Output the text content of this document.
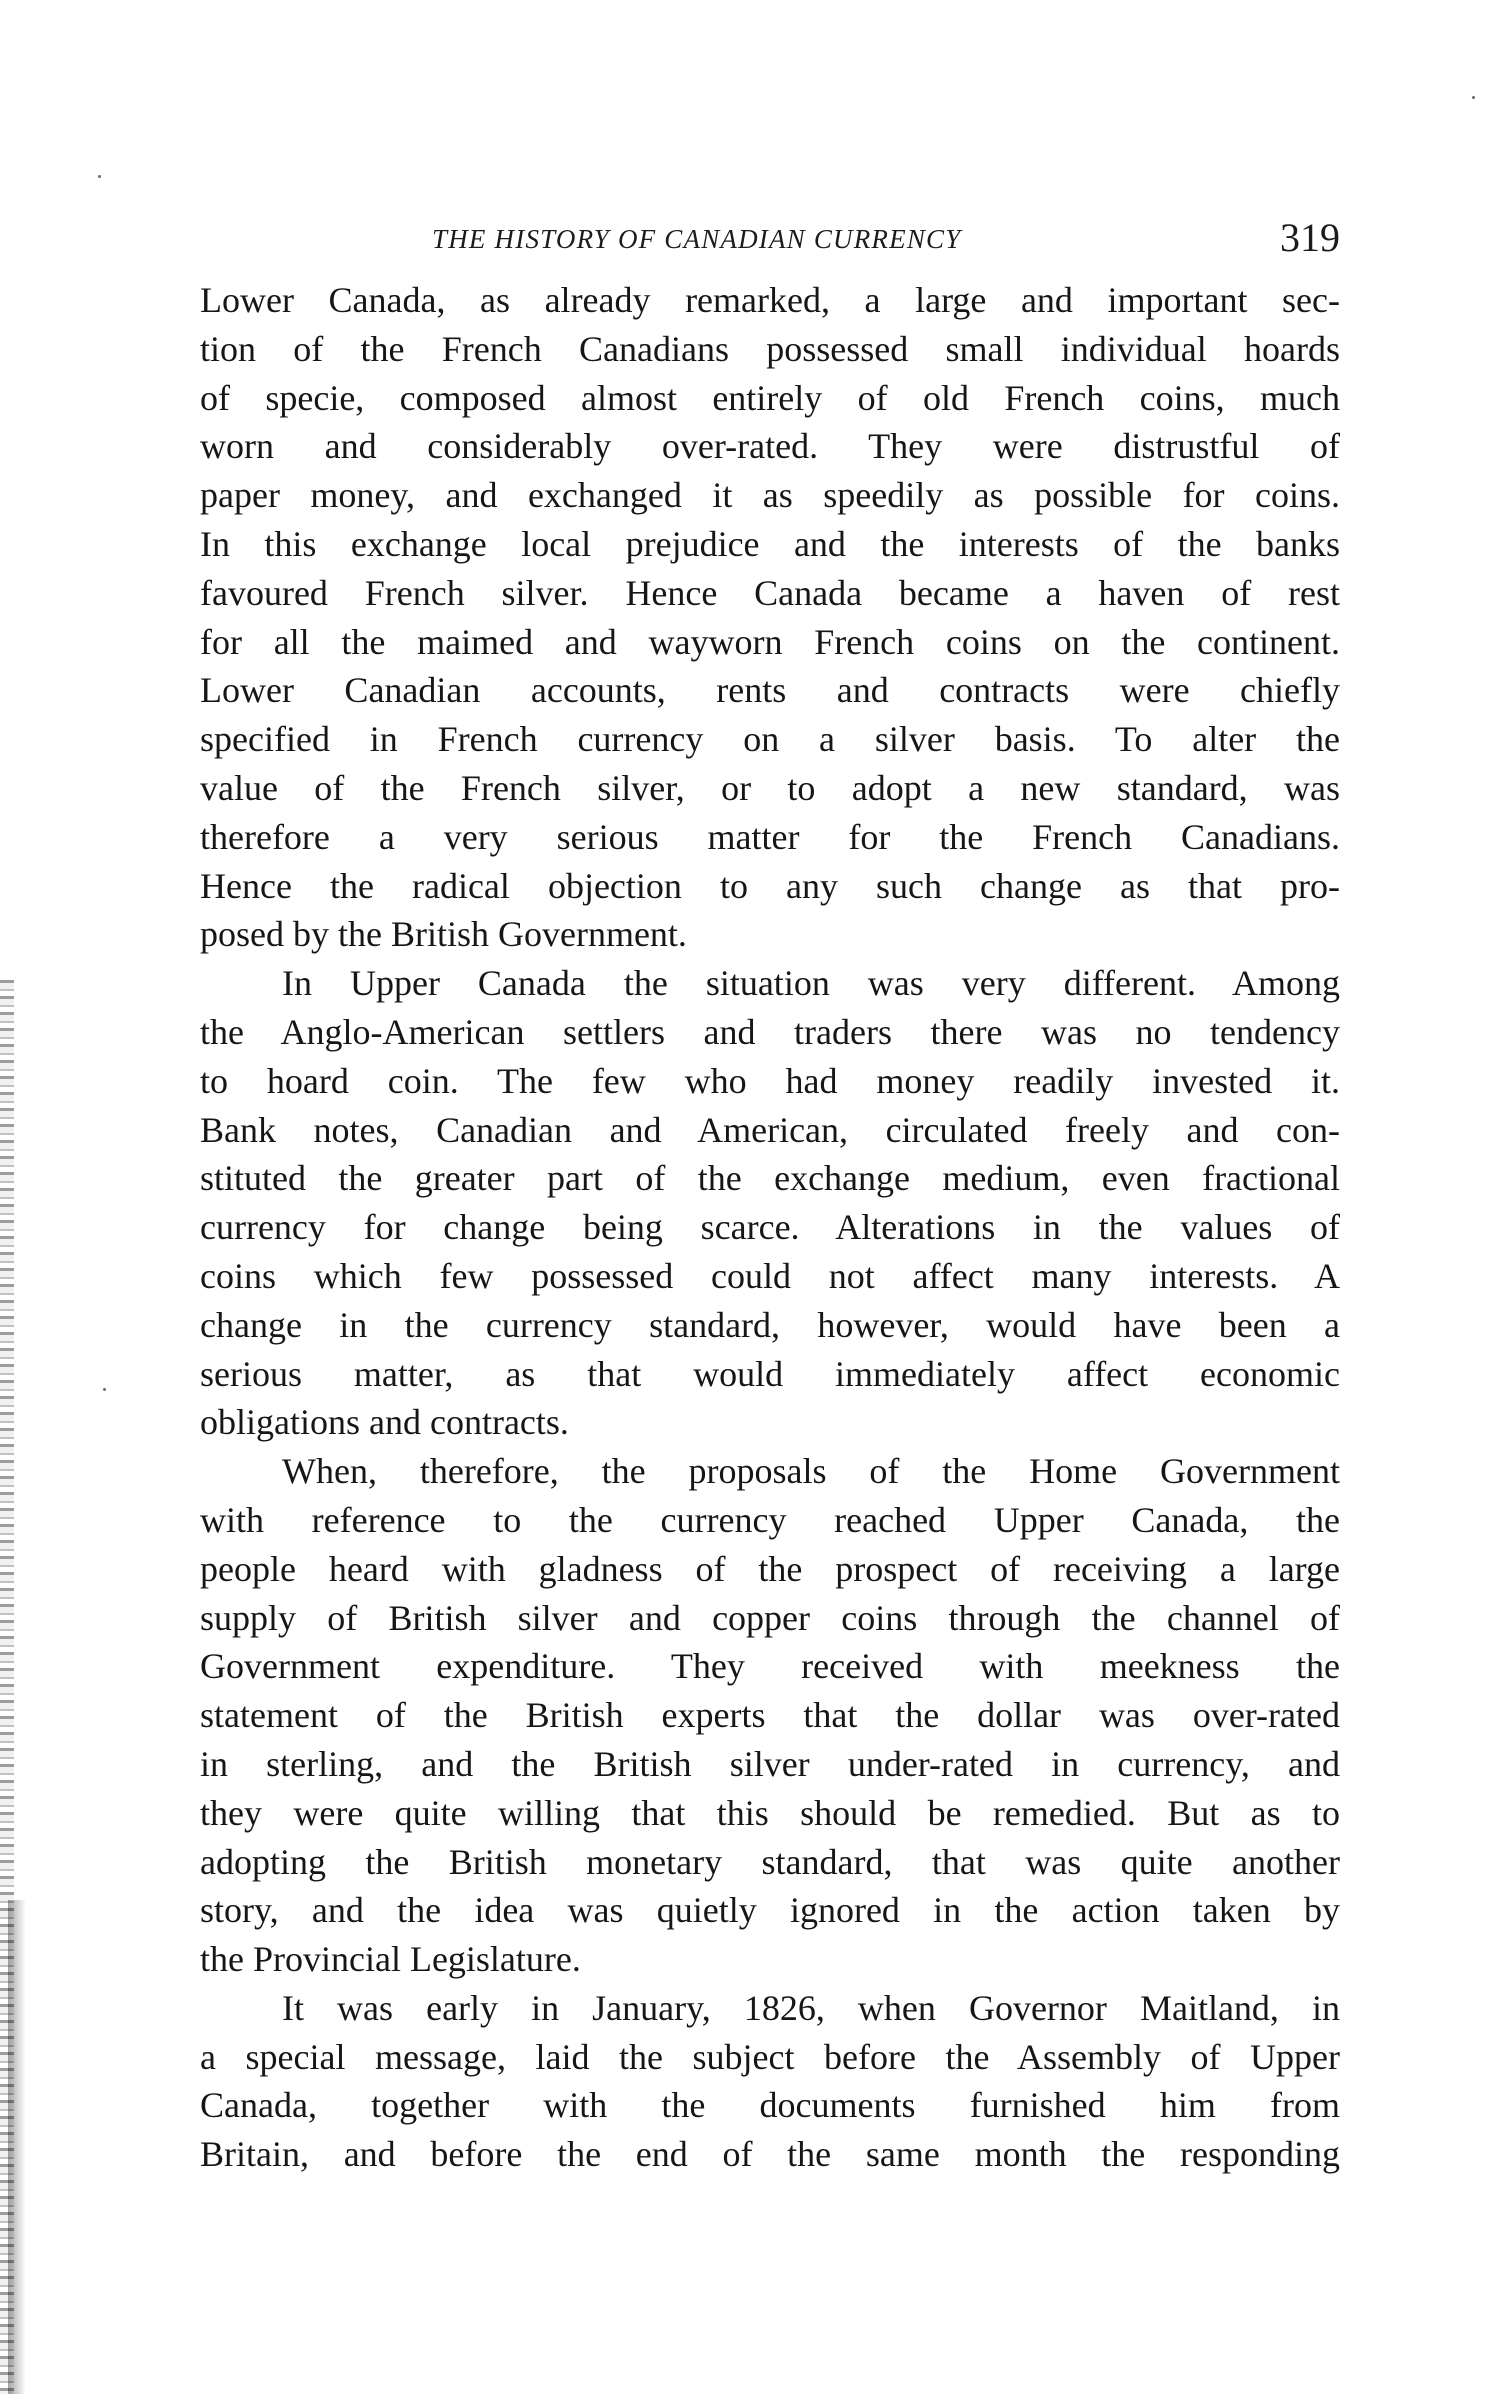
THE HISTORY OF CANADIAN CURRENCY	319
Lower Canada, as already remarked, a large and important sec-
tion of the French Canadians possessed small individual hoards
of specie, composed almost entirely of old French coins, much
worn and considerably over-rated. They were distrustful of
paper money, and exchanged it as speedily as possible for coins.
In this exchange local prejudice and the interests of the banks
favoured French silver. Hence Canada became a haven of rest
for all the maimed and wayworn French coins on the continent.
Lower Canadian accounts, rents and contracts were chiefly
specified in French currency on a silver basis. To alter the
value of the French silver, or to adopt a new standard, was
therefore a very serious matter for the French Canadians.
Hence the radical objection to any such change as that pro-
posed by the British Government.
In Upper Canada the situation was very different. Among
the Anglo-American settlers and traders there was no tendency
to hoard coin. The few who had money readily invested it.
Bank notes, Canadian and American, circulated freely and con-
stituted the greater part of the exchange medium, even fractional
currency for change being scarce. Alterations in the values of
coins which few possessed could not affect many interests. A
change in the currency standard, however, would have been a
serious matter, as that would immediately affect economic
obligations and contracts.
When, therefore, the proposals of the Home Government
with reference to the currency reached Upper Canada, the
people heard with gladness of the prospect of receiving a large
supply of British silver and copper coins through the channel of
Government expenditure. They received with meekness the
statement of the British experts that the dollar was over-rated
in sterling, and the British silver under-rated in currency, and
they were quite willing that this should be remedied. But as to
adopting the British monetary standard, that was quite another
story, and the idea was quietly ignored in the action taken by
the Provincial Legislature.
It was early in January, 1826, when Governor Maitland, in
a special message, laid the subject before the Assembly of Upper
Canada, together with the documents furnished him from
Britain, and before the end of the same month the responding
